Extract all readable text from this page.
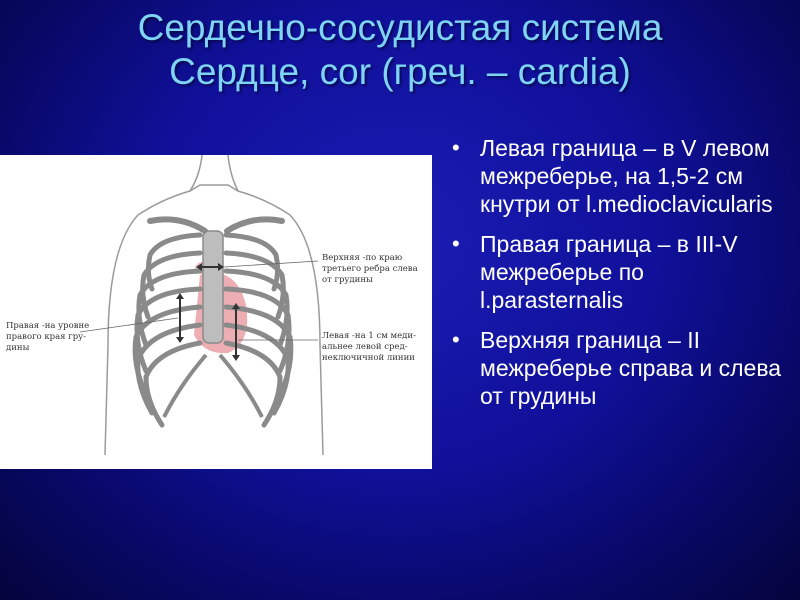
Сердечно-сосудистая система
Сердце, cor (греч. – cardia)
Верхняя -по краю
третьего ребра слева
от грудины
Правая -на уровне
правого края гру-
дины
Левая -на 1 см меди-
альнее левой сред-
неключичной линии
• Левая граница – в V левом межреберье, на 1,5-2 см кнутри от l.medioclavicularis
• Правая граница – в III-V межреберье по l.parasternalis
• Верхняя граница – II межреберье справа и слева от грудины
